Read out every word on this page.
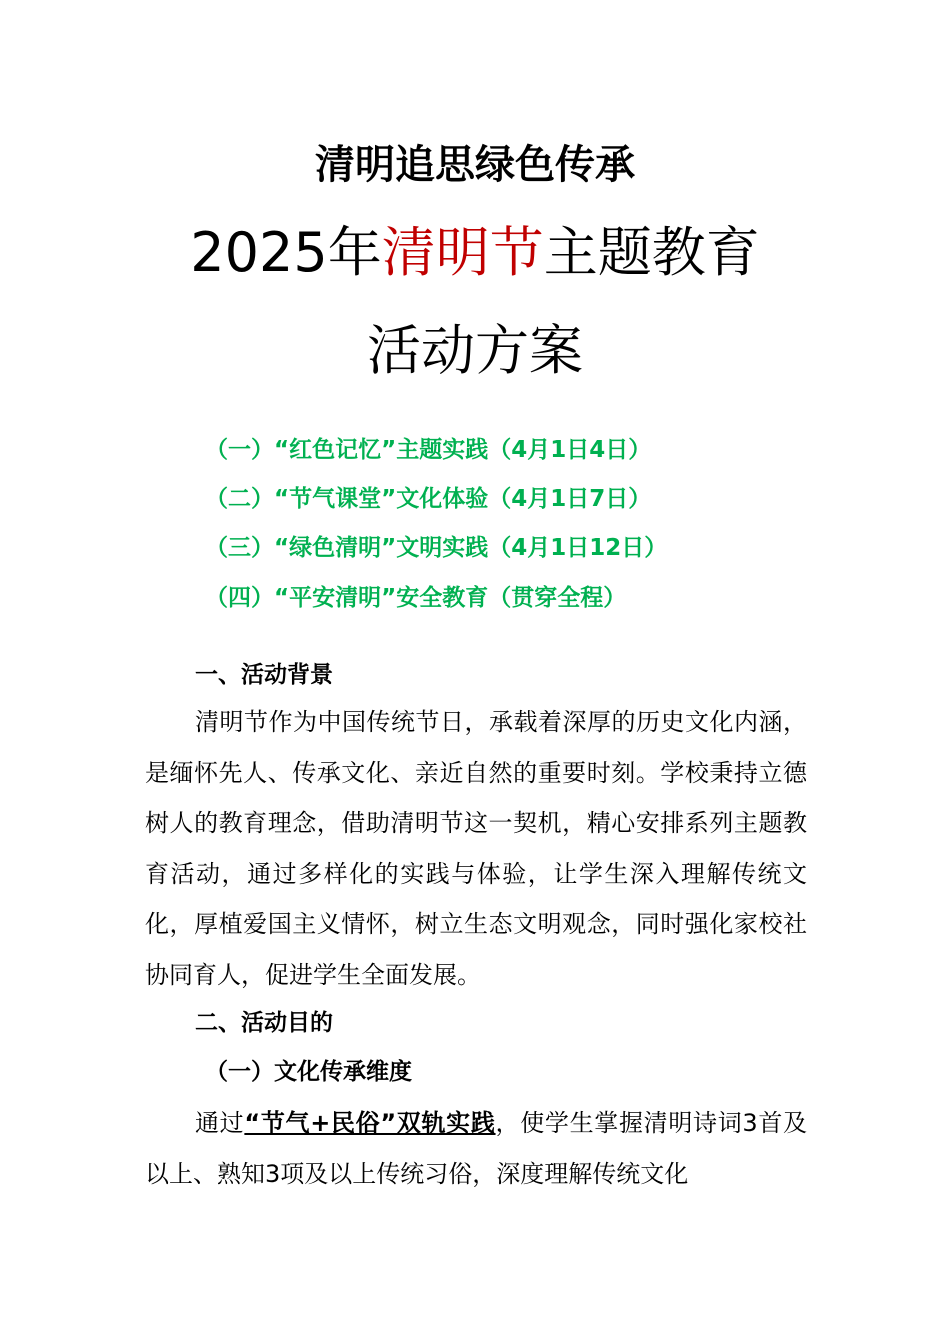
清明追思绿色传承
2025年清明节主题教育
活动方案
（一）“红色记忆”主题实践（4月1日4日）
（二）“节气课堂”文化体验（4月1日7日）
（三）“绿色清明”文明实践（4月1日12日）
（四）“平安清明”安全教育（贯穿全程）
一、活动背景

清明节作为中国传统节日，承载着深厚的历史文化内涵，是缅怀先人、传承文化、亲近自然的重要时刻。学校秉持立德树人的教育理念，借助清明节这一契机，精心安排系列主题教育活动，通过多样化的实践与体验，让学生深入理解传统文化，厚植爱国主义情怀，树立生态文明观念，同时强化家校社协同育人，促进学生全面发展。

二、活动目的
（一）文化传承维度

通过“节气+民俗”双轨实践，使学生掌握清明诗词3首及以上、熟知3项及以上传统习俗，深度理解传统文化
